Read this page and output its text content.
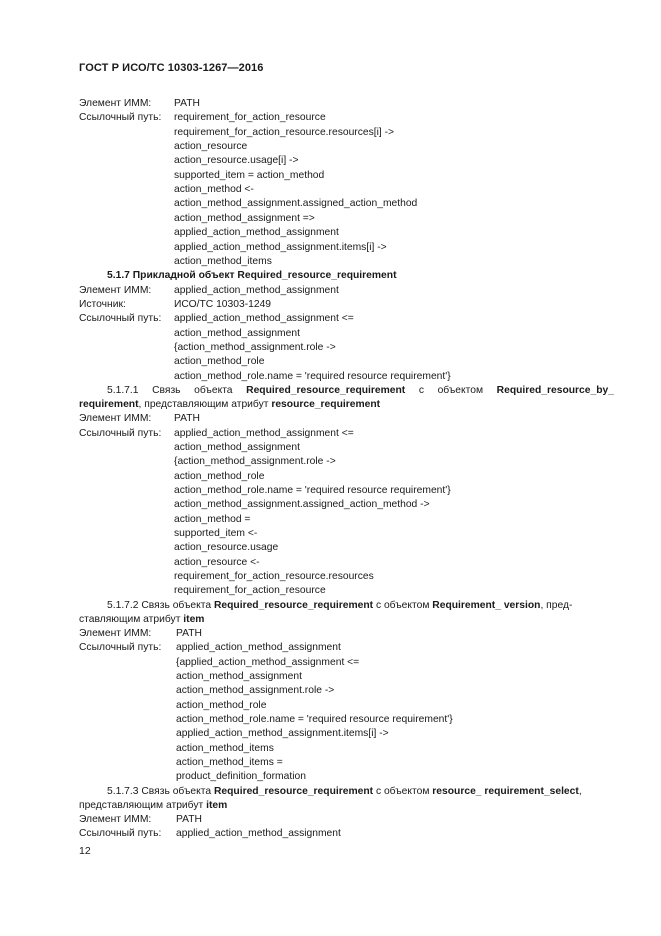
ГОСТ Р ИСО/ТС 10303-1267—2016
Элемент ИММ: PATH
Ссылочный путь: requirement_for_action_resource
requirement_for_action_resource.resources[i] ->
action_resource
action_resource.usage[i] ->
supported_item = action_method
action_method <-
action_method_assignment.assigned_action_method
action_method_assignment =>
applied_action_method_assignment
applied_action_method_assignment.items[i] ->
action_method_items
5.1.7 Прикладной объект Required_resource_requirement
Элемент ИММ: applied_action_method_assignment
Источник:	ИСО/ТС 10303-1249
Ссылочный путь: applied_action_method_assignment <=
action_method_assignment
{action_method_assignment.role ->
action_method_role
action_method_role.name = 'required resource requirement'}
5.1.7.1 Связь объекта Required_resource_requirement с объектом Required_resource_by_
requirement, представляющим атрибут resource_requirement
Элемент ИММ: PATH
Ссылочный путь: applied_action_method_assignment <=
action_method_assignment
{action_method_assignment.role ->
action_method_role
action_method_role.name = 'required resource requirement'}
action_method_assignment.assigned_action_method ->
action_method =
supported_item <-
action_resource.usage
action_resource <-
requirement_for_action_resource.resources
requirement_for_action_resource
5.1.7.2 Связь объекта Required_resource_requirement с объектом Requirement_ version, пред-
ставляющим атрибут item
Элемент ИММ: PATH
Ссылочный путь: applied_action_method_assignment
{applied_action_method_assignment <=
action_method_assignment
action_method_assignment.role ->
action_method_role
action_method_role.name = 'required resource requirement'}
applied_action_method_assignment.items[i] ->
action_method_items
action_method_items =
product_definition_formation
5.1.7.3 Связь объекта Required_resource_requirement с объектом resource_ requirement_select,
представляющим атрибут item
Элемент ИММ: PATH
Ссылочный путь: applied_action_method_assignment
12
